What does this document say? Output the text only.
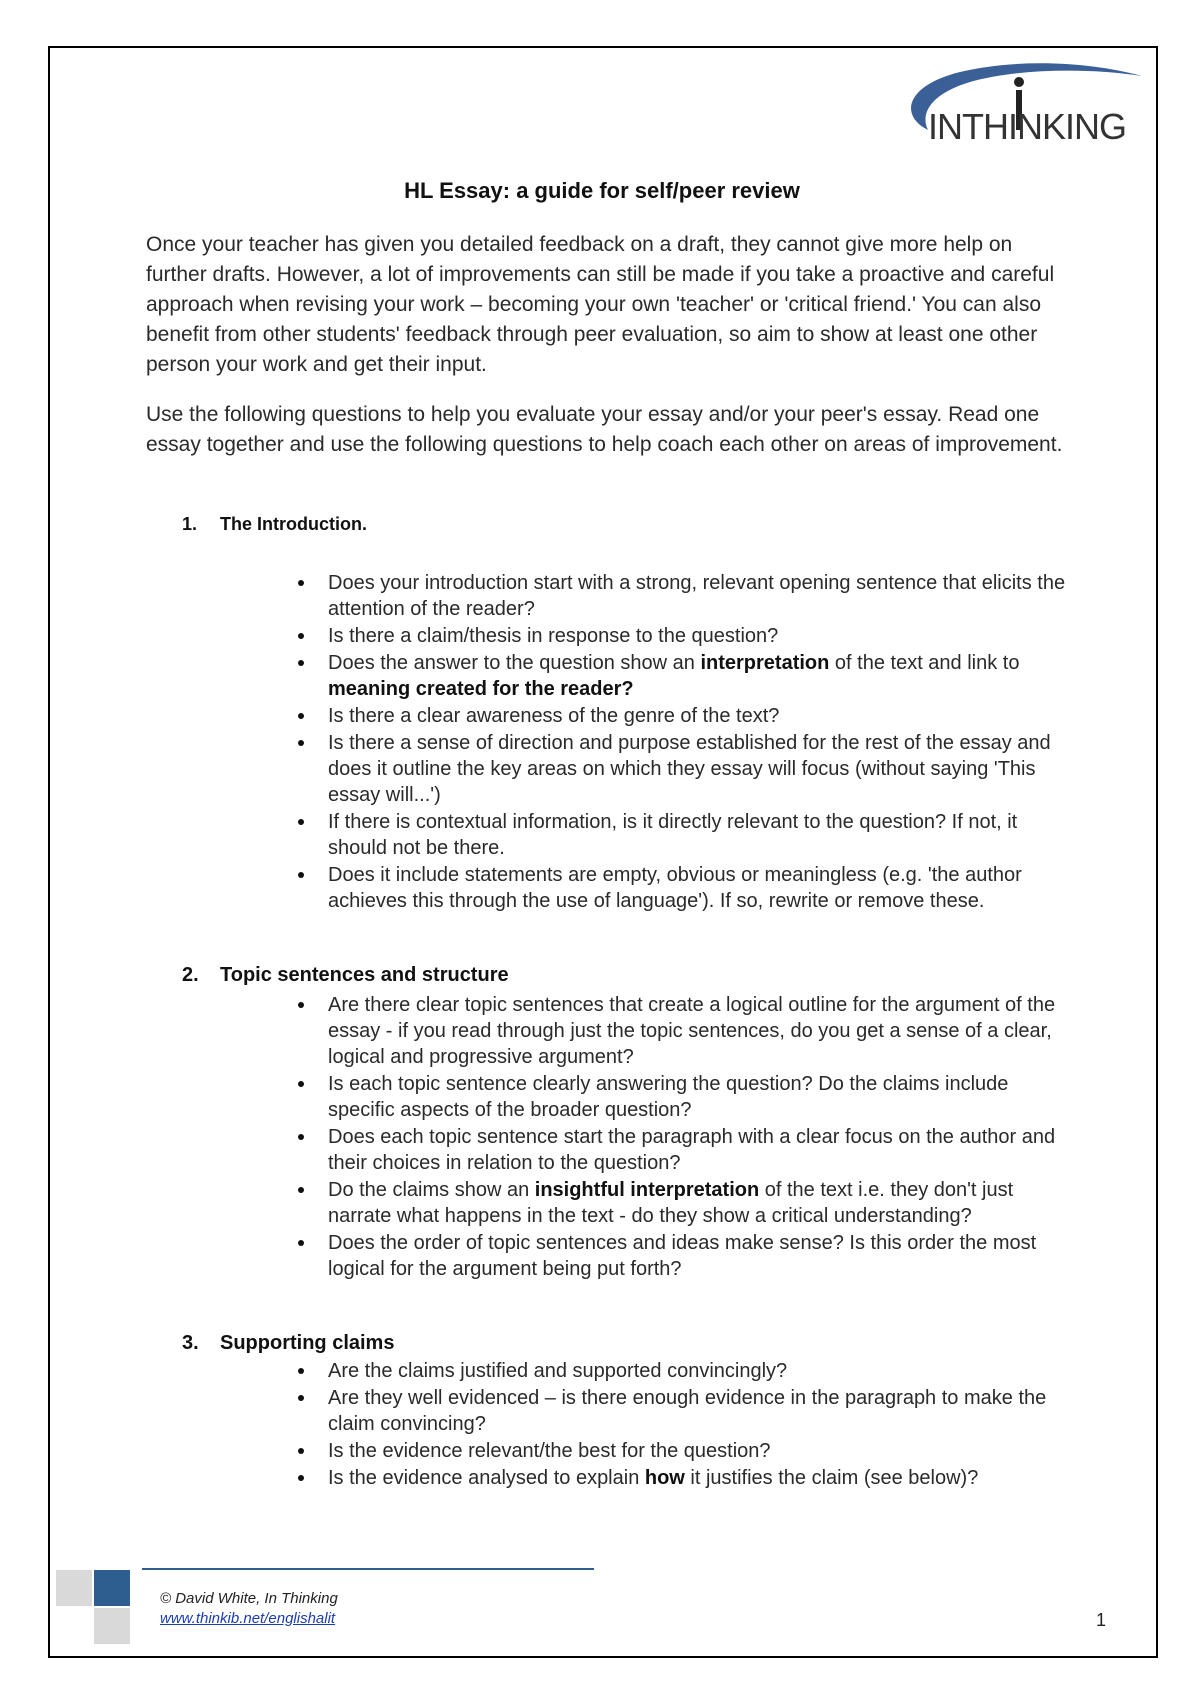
INTHINKING
HL Essay: a guide for self/peer review
Once your teacher has given you detailed feedback on a draft, they cannot give more help on further drafts. However, a lot of improvements can still be made if you take a proactive and careful approach when revising your work – becoming your own 'teacher' or 'critical friend.' You can also benefit from other students' feedback through peer evaluation, so aim to show at least one other person your work and get their input.
Use the following questions to help you evaluate your essay and/or your peer's essay. Read one essay together and use the following questions to help coach each other on areas of improvement.
1. The Introduction.
Does your introduction start with a strong, relevant opening sentence that elicits the attention of the reader?
Is there a claim/thesis in response to the question?
Does the answer to the question show an interpretation of the text and link to meaning created for the reader?
Is there a clear awareness of the genre of the text?
Is there a sense of direction and purpose established for the rest of the essay and does it outline the key areas on which they essay will focus (without saying 'This essay will...')
If there is contextual information, is it directly relevant to the question? If not, it should not be there.
Does it include statements are empty, obvious or meaningless (e.g. 'the author achieves this through the use of language'). If so, rewrite or remove these.
2. Topic sentences and structure
Are there clear topic sentences that create a logical outline for the argument of the essay - if you read through just the topic sentences, do you get a sense of a clear, logical and progressive argument?
Is each topic sentence clearly answering the question? Do the claims include specific aspects of the broader question?
Does each topic sentence start the paragraph with a clear focus on the author and their choices in relation to the question?
Do the claims show an insightful interpretation of the text i.e. they don't just narrate what happens in the text - do they show a critical understanding?
Does the order of topic sentences and ideas make sense? Is this order the most logical for the argument being put forth?
3. Supporting claims
Are the claims justified and supported convincingly?
Are they well evidenced – is there enough evidence in the paragraph to make the claim convincing?
Is the evidence relevant/the best for the question?
Is the evidence analysed to explain how it justifies the claim (see below)?
© David White, In Thinking
www.thinkib.net/englishalit	1
